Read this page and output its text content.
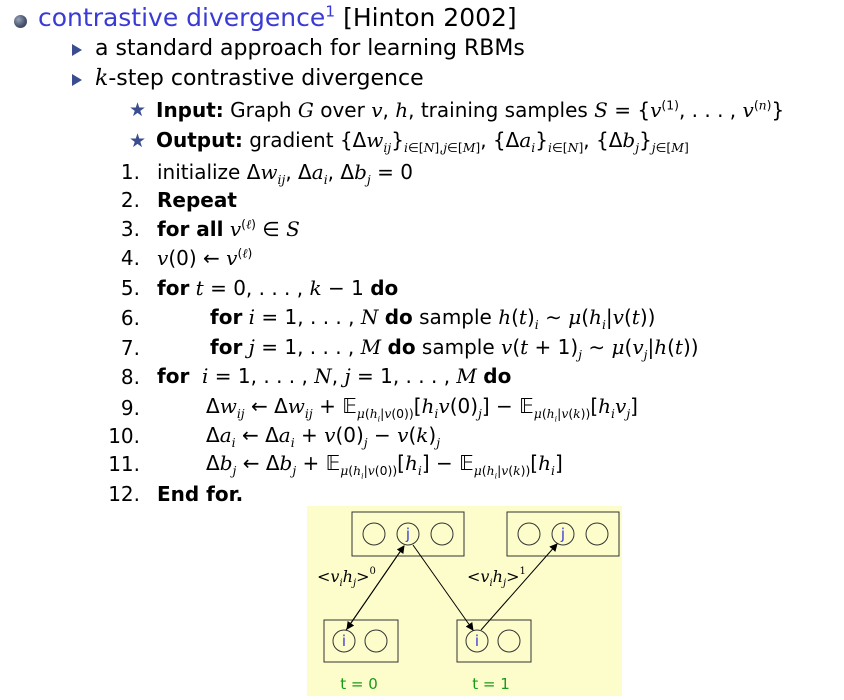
contrastive divergence$^1$ [Hinton 2002]
a standard approach for learning RBMs
k-step contrastive divergence
★ Input: Graph G over v, h, training samples $S = \{v^{(1)}$, . . . , $v^{(n)}$}
★ Output: gradient $\{\Delta w_{ij}\}_{i\in[N],j\in[M]}$, $\{\Delta a_i\}_{i\in[N]}$, $\{\Delta b_j\}_{j\in[M]}$
1. initialize $\Delta w_{ij}$, $\Delta a_i$, $\Delta b_j = 0$
2. Repeat
3. for all $v^{(\ell)}$ ∈ S
4. v(0) ← $v^{(\ell)}$
5. for t = 0, . . . , k − 1 do
6.	for i = 1, . . . , N do sample $h(t)_i$ ∼ $\mu(h_i|v(t))$
7.	for j = 1, . . . , M do sample $v(t + 1)_j$ ∼ $\mu(v_j|h(t))$
8. for i = 1, . . . , N, j = 1, . . . , M do
9.	$\Delta w_{ij}$ ← $\Delta w_{ij}$ + $𝔼_{\mu(h_i|v(0))}[h_iv(0)_j]$ − $𝔼_{\mu(h_i|v(k))}[h_iv_j]$
10.	$\Delta a_i$ ← $\Delta a_i + v(0)_j - v(k)_j$
11.	$\Delta b_j$ ← $\Delta b_j$ + $𝔼_{\mu(h_i|v(0))}[h_i]$ − $𝔼_{\mu(h_i|v(k))}[h_i]$
12. End for.
j	j
i	i
$<v_ih_j>^0$	$<v_ih_j>^1$
t = 0	t = 1
